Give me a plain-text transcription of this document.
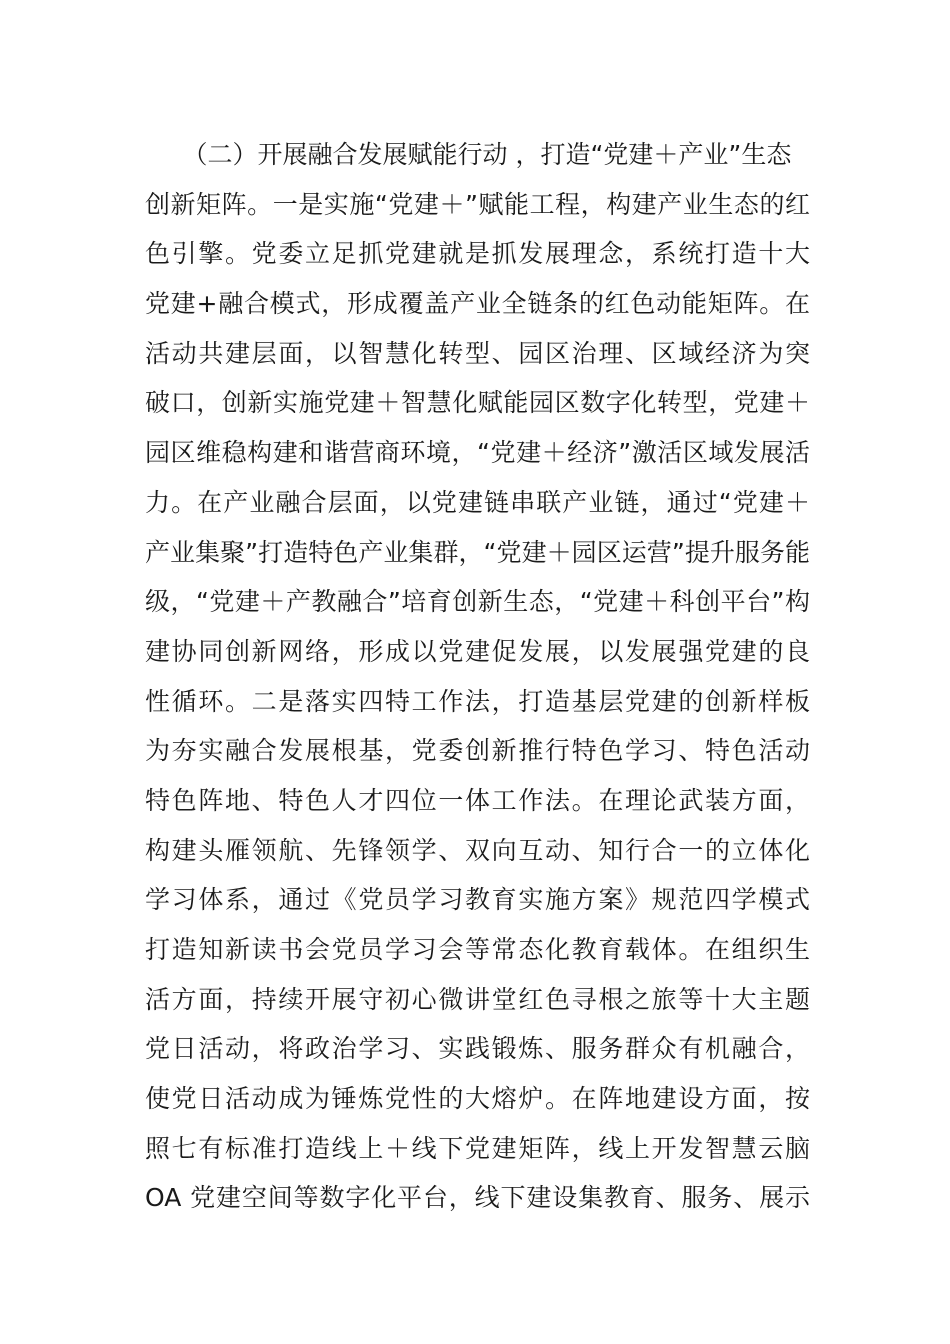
　　（二）开展融合发展赋能行动 ，打造“党建＋产业”生态
创新矩阵。一是实施“党建＋”赋能工程，构建产业生态的红
色引擎。党委立足抓党建就是抓发展理念，系统打造十大
党建+融合模式，形成覆盖产业全链条的红色动能矩阵。在
活动共建层面，以智慧化转型、园区治理、区域经济为突
破口，创新实施党建＋智慧化赋能园区数字化转型，党建＋
园区维稳构建和谐营商环境，“党建＋经济”激活区域发展活
力。在产业融合层面，以党建链串联产业链，通过“党建＋
产业集聚”打造特色产业集群，“党建＋园区运营”提升服务能
级，“党建＋产教融合”培育创新生态，“党建＋科创平台”构
建协同创新网络，形成以党建促发展，以发展强党建的良
性循环。二是落实四特工作法，打造基层党建的创新样板
为夯实融合发展根基，党委创新推行特色学习、特色活动
特色阵地、特色人才四位一体工作法。在理论武装方面，
构建头雁领航、先锋领学、双向互动、知行合一的立体化
学习体系，通过《党员学习教育实施方案》规范四学模式
打造知新读书会党员学习会等常态化教育载体。在组织生
活方面，持续开展守初心微讲堂红色寻根之旅等十大主题
党日活动，将政治学习、实践锻炼、服务群众有机融合，
使党日活动成为锤炼党性的大熔炉。在阵地建设方面，按
照七有标准打造线上＋线下党建矩阵，线上开发智慧云脑
OA 党建空间等数字化平台，线下建设集教育、服务、展示
